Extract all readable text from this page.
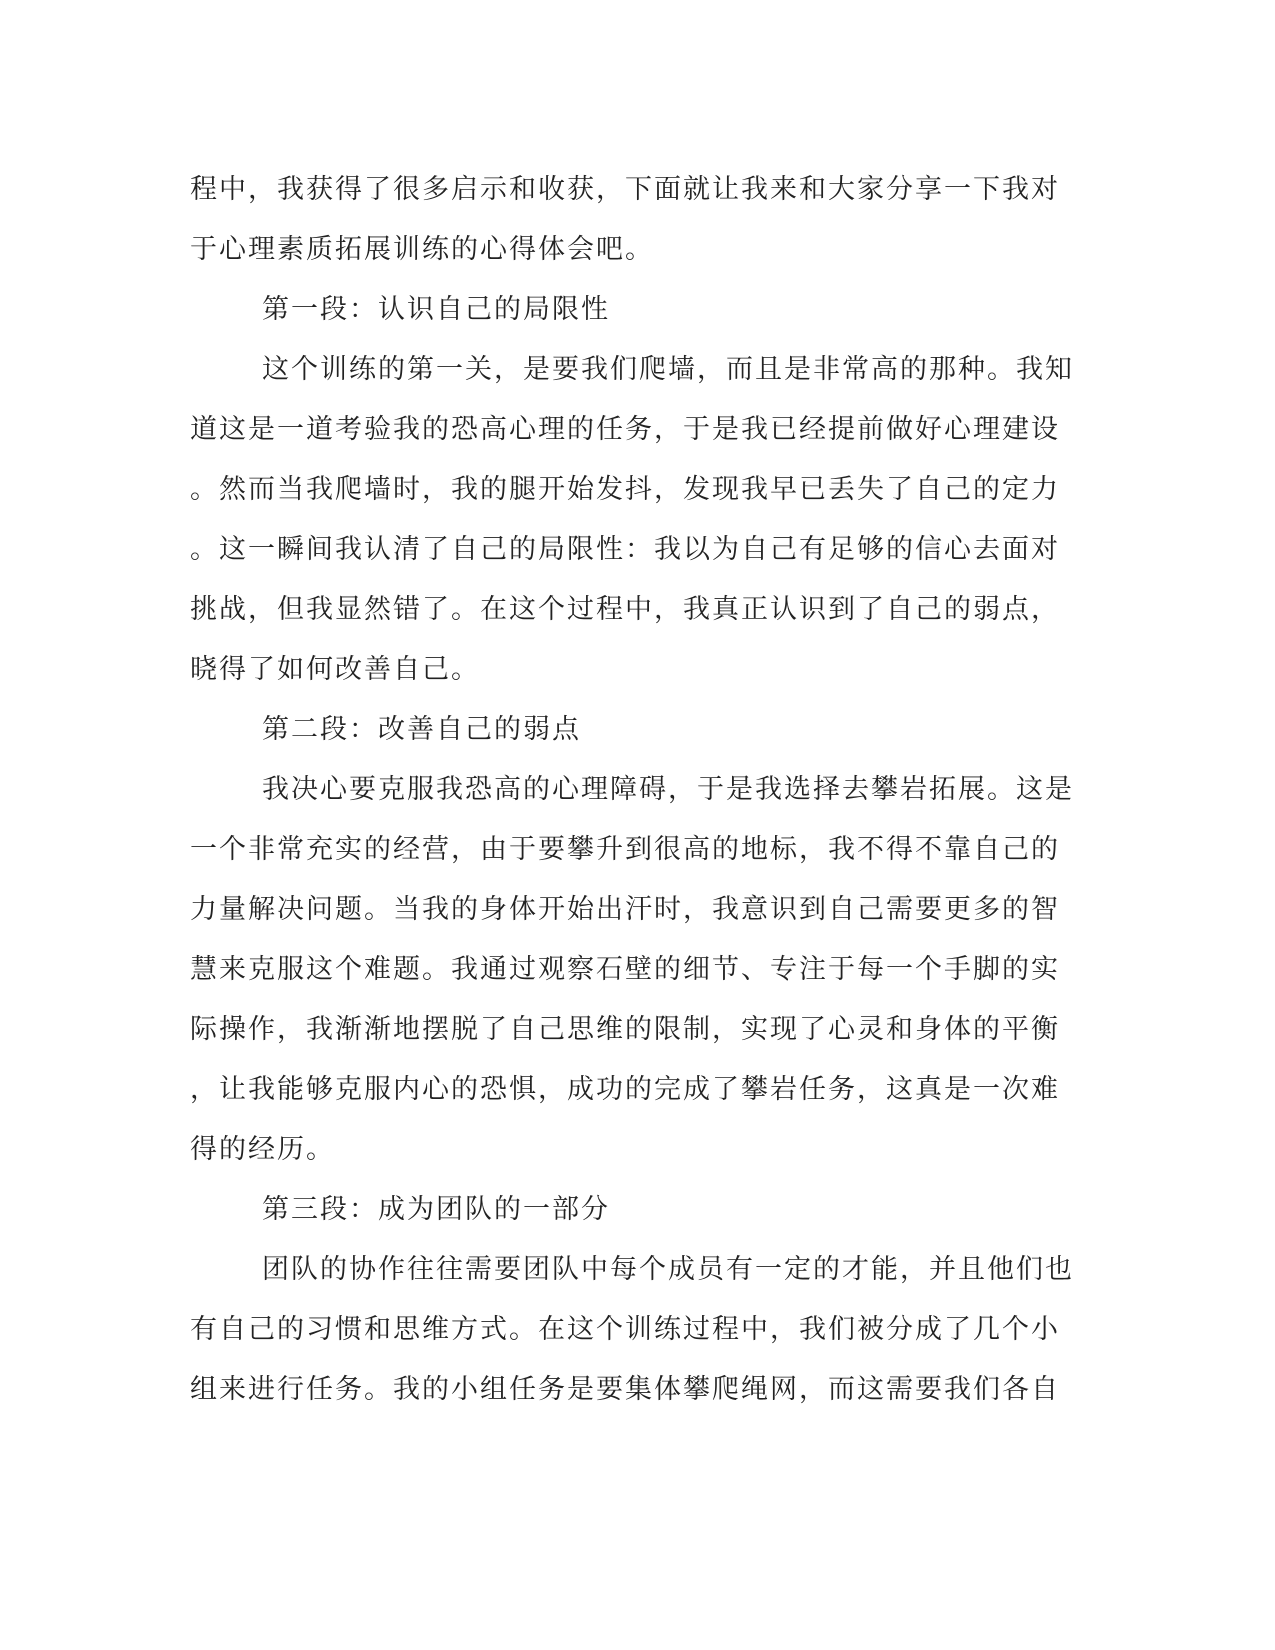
程中，我获得了很多启示和收获，下面就让我来和大家分享一下我对
于心理素质拓展训练的心得体会吧。
第一段：认识自己的局限性
这个训练的第一关，是要我们爬墙，而且是非常高的那种。我知
道这是一道考验我的恐高心理的任务，于是我已经提前做好心理建设
。然而当我爬墙时，我的腿开始发抖，发现我早已丢失了自己的定力
。这一瞬间我认清了自己的局限性：我以为自己有足够的信心去面对
挑战，但我显然错了。在这个过程中，我真正认识到了自己的弱点，
晓得了如何改善自己。
第二段：改善自己的弱点
我决心要克服我恐高的心理障碍，于是我选择去攀岩拓展。这是
一个非常充实的经营，由于要攀升到很高的地标，我不得不靠自己的
力量解决问题。当我的身体开始出汗时，我意识到自己需要更多的智
慧来克服这个难题。我通过观察石壁的细节、专注于每一个手脚的实
际操作，我渐渐地摆脱了自己思维的限制，实现了心灵和身体的平衡
，让我能够克服内心的恐惧，成功的完成了攀岩任务，这真是一次难
得的经历。
第三段：成为团队的一部分
团队的协作往往需要团队中每个成员有一定的才能，并且他们也
有自己的习惯和思维方式。在这个训练过程中，我们被分成了几个小
组来进行任务。我的小组任务是要集体攀爬绳网，而这需要我们各自
